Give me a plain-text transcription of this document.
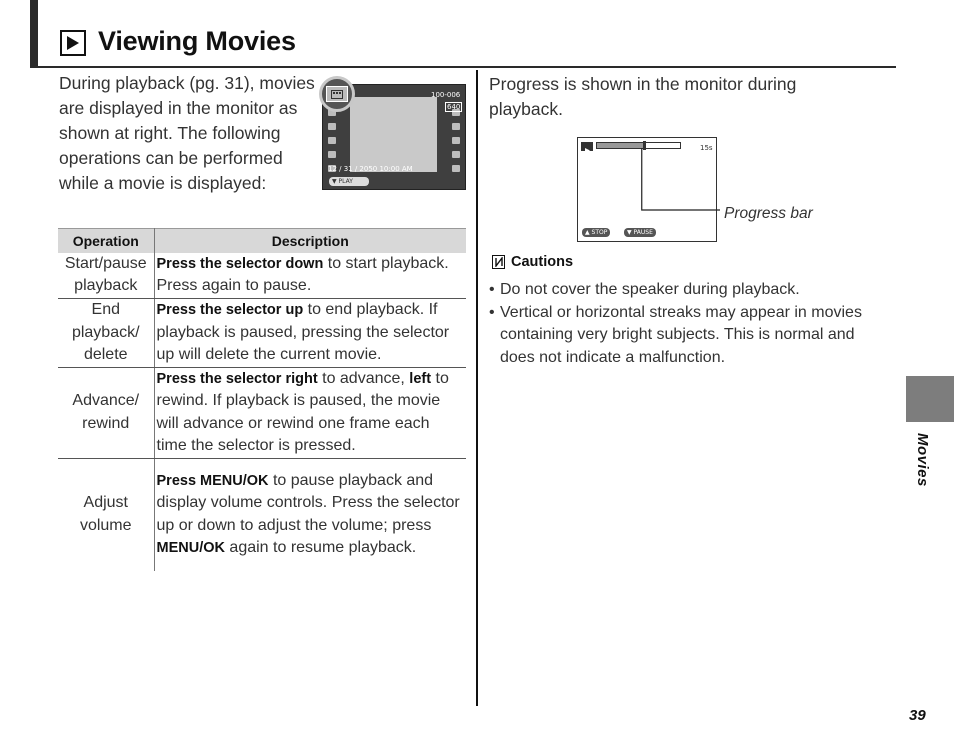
Viewing Movies
During playback (pg. 31), movies are displayed in the monitor as shown at right. The following operations can be performed while a movie is displayed:
100-006
640
12 / 31 / 2050 10:00 AM
▼ PLAY
Operation	Description
Start/pause playback	Press the selector down to start playback. Press again to pause.
End playback/ delete	Press the selector up to end playback. If playback is paused, pressing the selector up will delete the current movie.
Advance/ rewind	Press the selector right to advance, left to rewind. If playback is paused, the movie will advance or rewind one frame each time the selector is pressed.
Adjust volume	Press MENU/OK to pause playback and display volume controls. Press the selector up or down to adjust the volume; press MENU/OK again to resume playback.
Progress is shown in the monitor during playback.
15s
▲ STOP	▼ PAUSE
Progress bar
Cautions
• Do not cover the speaker during playback.
• Vertical or horizontal streaks may appear in movies containing very bright subjects. This is normal and does not indicate a malfunction.
Movies
39
